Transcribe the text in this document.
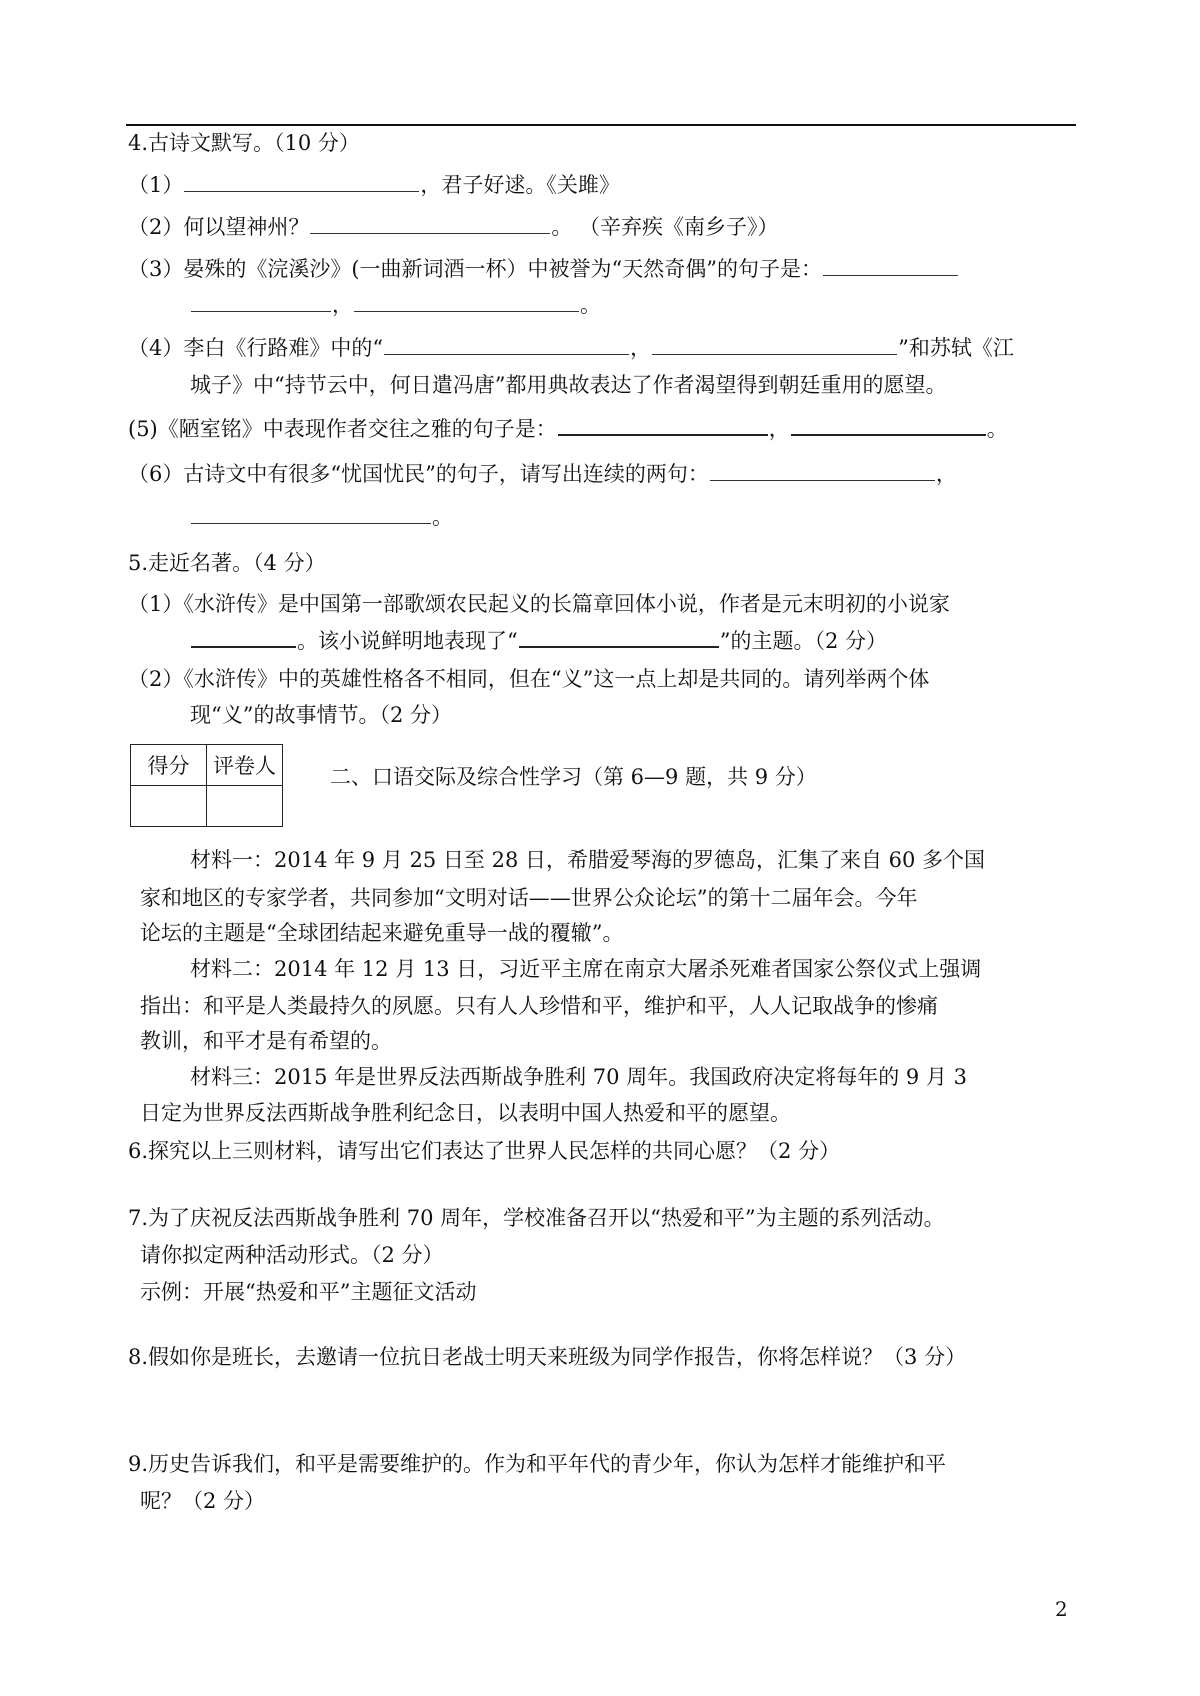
4.古诗文默写。（10 分）
（1）	，君子好逑。《关雎》
（2）何以望神州？	。 （辛弃疾《南乡子》）
（3）晏殊的《浣溪沙》(一曲新词酒一杯）中被誉为“天然奇偶”的句子是：
，	。
（4）李白《行路难》中的“	，	”和苏轼《江
城子》中“持节云中，何日遣冯唐”都用典故表达了作者渴望得到朝廷重用的愿望。
(5)《陋室铭》中表现作者交往之雅的句子是：	，	。
（6）古诗文中有很多“忧国忧民”的句子，请写出连续的两句：	，
。
5.走近名著。（4 分）
（1）《水浒传》是中国第一部歌颂农民起义的长篇章回体小说，作者是元末明初的小说家
。该小说鲜明地表现了“	”的主题。（2 分）
（2）《水浒传》中的英雄性格各不相同，但在“义”这一点上却是共同的。请列举两个体
现“义”的故事情节。（2 分）
得分	评卷人
		二、口语交际及综合性学习（第 6—9 题，共 9 分）
材料一：2014 年 9 月 25 日至 28 日，希腊爱琴海的罗德岛，汇集了来自 60 多个国
家和地区的专家学者，共同参加“文明对话——世界公众论坛”的第十二届年会。今年
论坛的主题是“全球团结起来避免重导一战的覆辙”。
材料二：2014 年 12 月 13 日，习近平主席在南京大屠杀死难者国家公祭仪式上强调
指出：和平是人类最持久的夙愿。只有人人珍惜和平，维护和平，人人记取战争的惨痛
教训，和平才是有希望的。
材料三：2015 年是世界反法西斯战争胜利 70 周年。我国政府决定将每年的 9 月 3
日定为世界反法西斯战争胜利纪念日，以表明中国人热爱和平的愿望。
6.探究以上三则材料，请写出它们表达了世界人民怎样的共同心愿？（2 分）
7.为了庆祝反法西斯战争胜利 70 周年，学校准备召开以“热爱和平”为主题的系列活动。
请你拟定两种活动形式。（2 分）
示例：开展“热爱和平”主题征文活动
8.假如你是班长，去邀请一位抗日老战士明天来班级为同学作报告，你将怎样说？（3 分）
9.历史告诉我们，和平是需要维护的。作为和平年代的青少年，你认为怎样才能维护和平
呢？（2 分）
2
